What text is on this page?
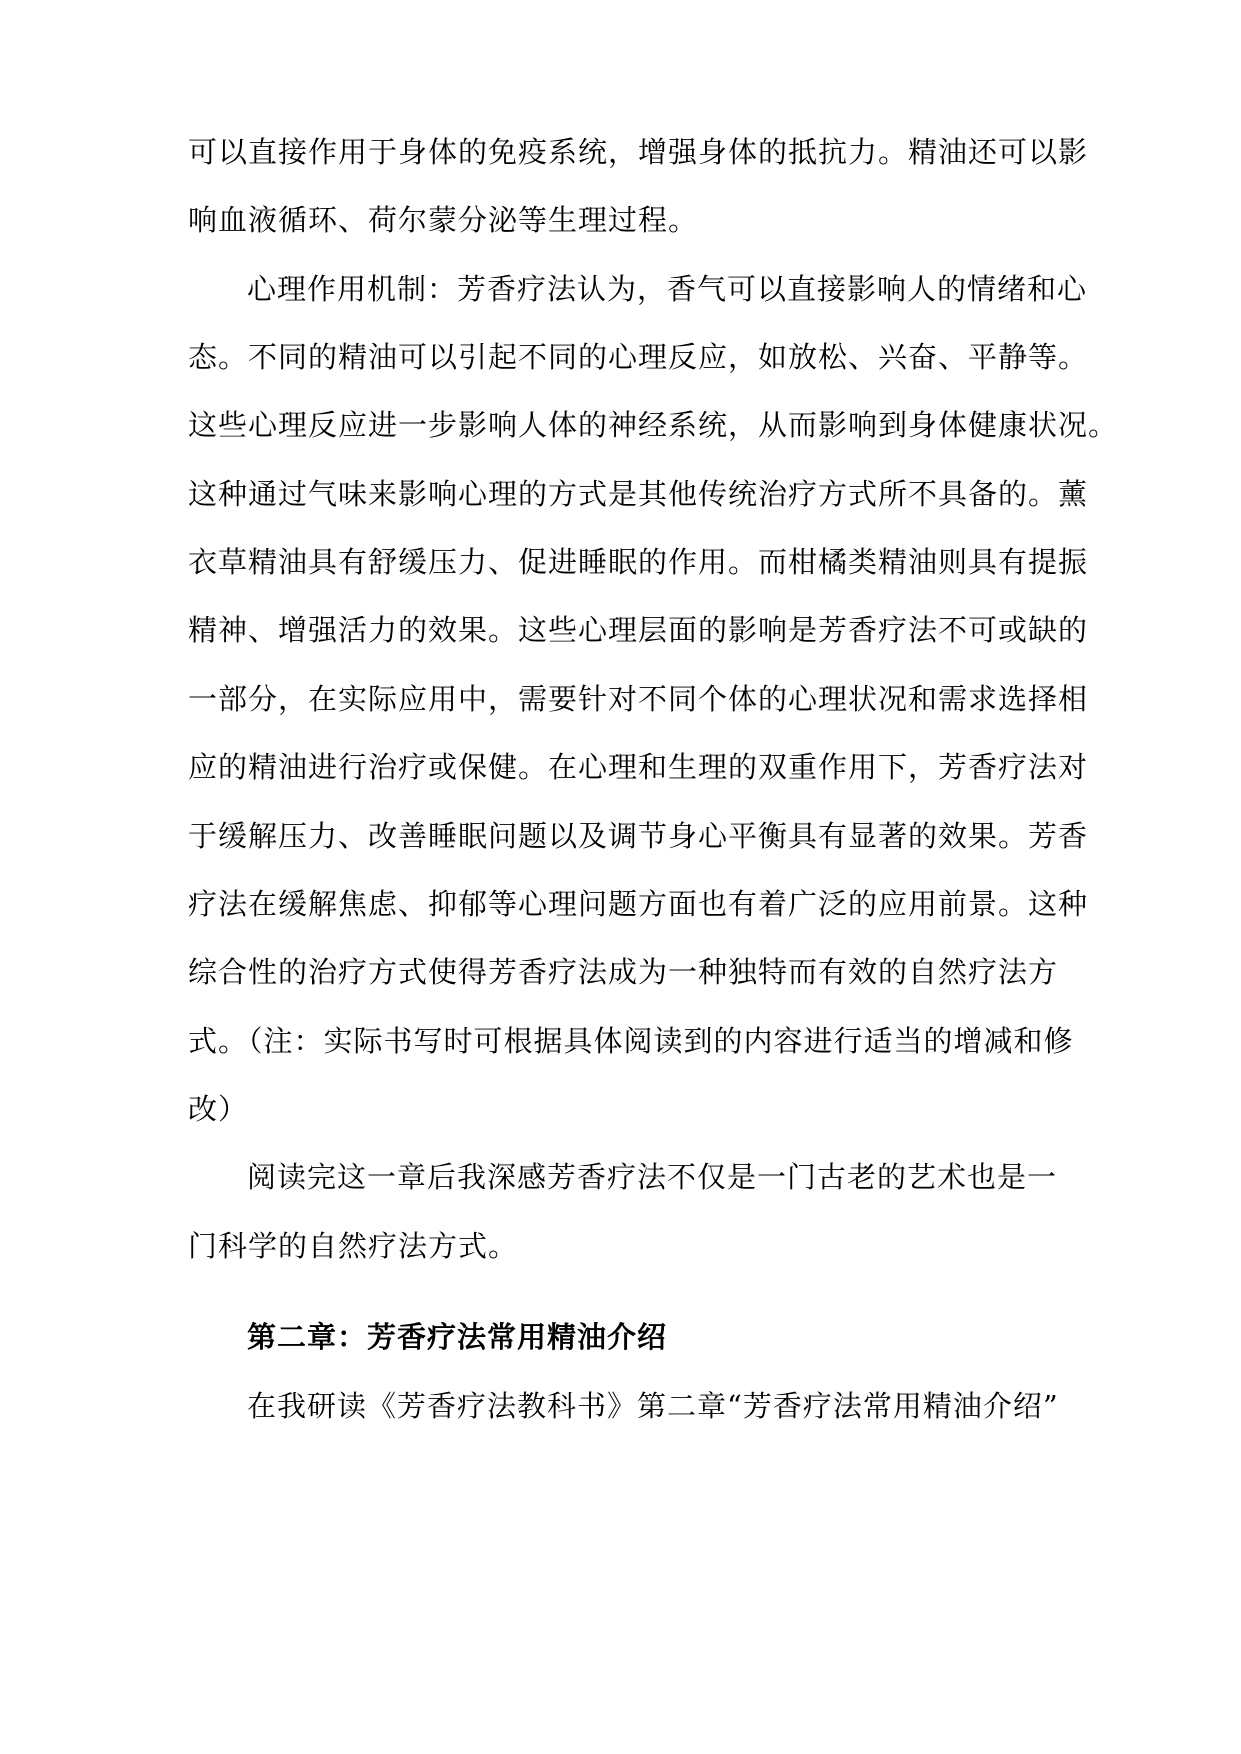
可以直接作用于身体的免疫系统，增强身体的抵抗力。精油还可以影
响血液循环、荷尔蒙分泌等生理过程。
心理作用机制：芳香疗法认为，香气可以直接影响人的情绪和心
态。不同的精油可以引起不同的心理反应，如放松、兴奋、平静等。
这些心理反应进一步影响人体的神经系统，从而影响到身体健康状况。
这种通过气味来影响心理的方式是其他传统治疗方式所不具备的。薰
衣草精油具有舒缓压力、促进睡眠的作用。而柑橘类精油则具有提振
精神、增强活力的效果。这些心理层面的影响是芳香疗法不可或缺的
一部分，在实际应用中，需要针对不同个体的心理状况和需求选择相
应的精油进行治疗或保健。在心理和生理的双重作用下，芳香疗法对
于缓解压力、改善睡眠问题以及调节身心平衡具有显著的效果。芳香
疗法在缓解焦虑、抑郁等心理问题方面也有着广泛的应用前景。这种
综合性的治疗方式使得芳香疗法成为一种独特而有效的自然疗法方
式。（注：实际书写时可根据具体阅读到的内容进行适当的增减和修
改）
阅读完这一章后我深感芳香疗法不仅是一门古老的艺术也是一
门科学的自然疗法方式。
第二章：芳香疗法常用精油介绍
在我研读《芳香疗法教科书》第二章“芳香疗法常用精油介绍”
